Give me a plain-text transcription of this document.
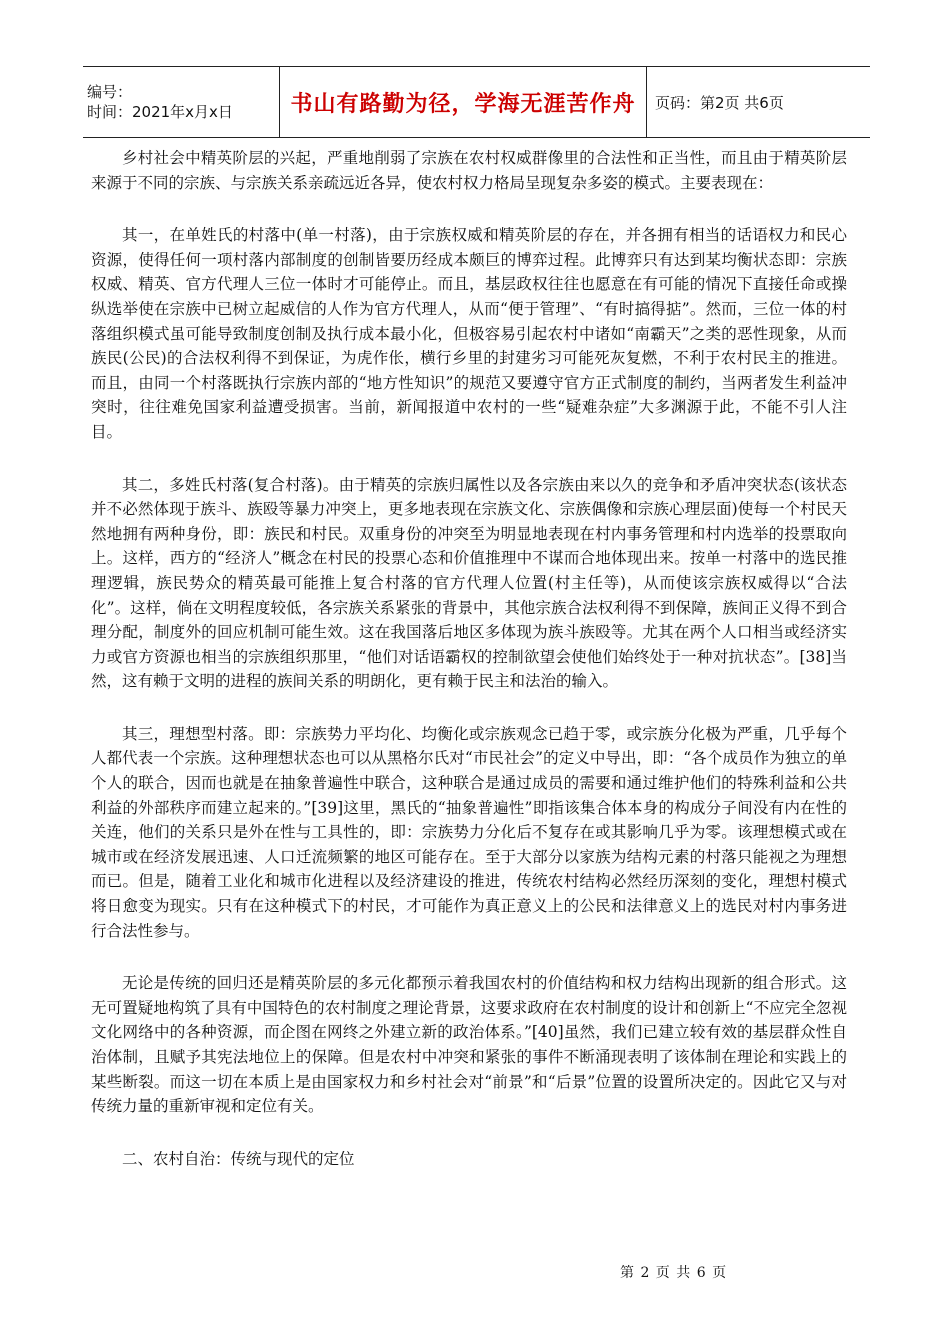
编号：
时间：2021年x月x日	书山有路勤为径，学海无涯苦作舟	页码：第2页 共6页

乡村社会中精英阶层的兴起，严重地削弱了宗族在农村权威群像里的合法性和正当性，而且由于精英阶层来源于不同的宗族、与宗族关系亲疏远近各异，使农村权力格局呈现复杂多姿的模式。主要表现在：

其一，在单姓氏的村落中(单一村落)，由于宗族权威和精英阶层的存在，并各拥有相当的话语权力和民心资源，使得任何一项村落内部制度的创制皆要历经成本颇巨的博弈过程。此博弈只有达到某均衡状态即：宗族权威、精英、官方代理人三位一体时才可能停止。而且，基层政权往往也愿意在有可能的情况下直接任命或操纵选举使在宗族中已树立起威信的人作为官方代理人，从而“便于管理”、“有时搞得掂”。然而，三位一体的村落组织模式虽可能导致制度创制及执行成本最小化，但极容易引起农村中诸如“南霸天”之类的恶性现象，从而族民(公民)的合法权利得不到保证，为虎作伥，横行乡里的封建劣习可能死灰复燃，不利于农村民主的推进。而且，由同一个村落既执行宗族内部的“地方性知识”的规范又要遵守官方正式制度的制约，当两者发生利益冲突时，往往难免国家利益遭受损害。当前，新闻报道中农村的一些“疑难杂症”大多渊源于此，不能不引人注目。

其二，多姓氏村落(复合村落)。由于精英的宗族归属性以及各宗族由来以久的竞争和矛盾冲突状态(该状态并不必然体现于族斗、族殴等暴力冲突上，更多地表现在宗族文化、宗族偶像和宗族心理层面)使每一个村民天然地拥有两种身份，即：族民和村民。双重身份的冲突至为明显地表现在村内事务管理和村内选举的投票取向上。这样，西方的“经济人”概念在村民的投票心态和价值推理中不谋而合地体现出来。按单一村落中的选民推理逻辑，族民势众的精英最可能推上复合村落的官方代理人位置(村主任等)，从而使该宗族权威得以“合法化”。这样，倘在文明程度较低，各宗族关系紧张的背景中，其他宗族合法权利得不到保障，族间正义得不到合理分配，制度外的回应机制可能生效。这在我国落后地区多体现为族斗族殴等。尤其在两个人口相当或经济实力或官方资源也相当的宗族组织那里，“他们对话语霸权的控制欲望会使他们始终处于一种对抗状态”。[38]当然，这有赖于文明的进程的族间关系的明朗化，更有赖于民主和法治的输入。

其三，理想型村落。即：宗族势力平均化、均衡化或宗族观念已趋于零，或宗族分化极为严重，几乎每个人都代表一个宗族。这种理想状态也可以从黑格尔氏对“市民社会”的定义中导出，即：“各个成员作为独立的单个人的联合，因而也就是在抽象普遍性中联合，这种联合是通过成员的需要和通过维护他们的特殊利益和公共利益的外部秩序而建立起来的。”[39]这里，黑氏的“抽象普遍性”即指该集合体本身的构成分子间没有内在性的关连，他们的关系只是外在性与工具性的，即：宗族势力分化后不复存在或其影响几乎为零。该理想模式或在城市或在经济发展迅速、人口迁流频繁的地区可能存在。至于大部分以家族为结构元素的村落只能视之为理想而已。但是，随着工业化和城市化进程以及经济建设的推进，传统农村结构必然经历深刻的变化，理想村模式将日愈变为现实。只有在这种模式下的村民，才可能作为真正意义上的公民和法律意义上的选民对村内事务进行合法性参与。

无论是传统的回归还是精英阶层的多元化都预示着我国农村的价值结构和权力结构出现新的组合形式。这无可置疑地构筑了具有中国特色的农村制度之理论背景，这要求政府在农村制度的设计和创新上“不应完全忽视文化网络中的各种资源，而企图在网终之外建立新的政治体系。”[40]虽然，我们已建立较有效的基层群众性自治体制，且赋予其宪法地位上的保障。但是农村中冲突和紧张的事件不断涌现表明了该体制在理论和实践上的某些断裂。而这一切在本质上是由国家权力和乡村社会对“前景”和“后景”位置的设置所决定的。因此它又与对传统力量的重新审视和定位有关。

二、农村自治：传统与现代的定位

第 2 页 共 6 页
